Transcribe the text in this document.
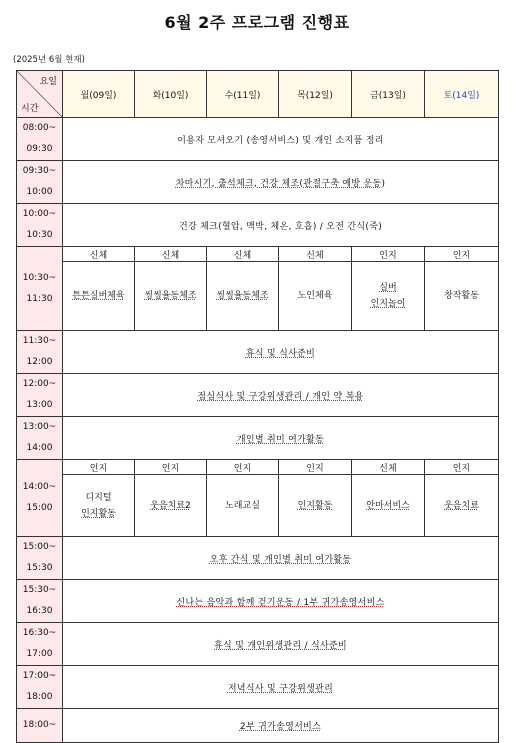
6월 2주 프로그램 진행표
(2025년 6월 현재)
요일
시간	월(09일)	화(10일)	수(11일)	목(12일)	금(13일)	토(14일)
08:00~
09:30	이용자 모셔오기 (송영서비스) 및 개인 소지품 정리					
09:30~
10:00	차마시기, 출석체크, 건강 체조(관절구축 예방 운동)					
10:00~
10:30	건강 체크(혈압, 맥박, 체온, 호흡) / 오전 간식(죽)					
10:30~
11:30	신체	신체	신체	신체	인지	인지
	튼튼실버체육	씽씽율동체조	씽씽율동체조	노인체육	실버
인지놀이	창작활동
11:30~
12:00	휴식 및 식사준비					
12:00~
13:00	점심식사 및 구강위생관리 / 개인 약 복용					
13:00~
14:00	개인별 취미 여가활동					
14:00~
15:00	인지	인지	인지	인지	신체	인지
	디지털
인지활동	웃음치료2	노래교실	인지활동	안마서비스	웃음치료
15:00~
15:30	오후 간식 및 개인별 취미 여가활동					
15:30~
16:30	신나는 음악과 함께 걷기운동 / 1부 귀가송영서비스					
16:30~
17:00	휴식 및 개인위생관리 / 식사준비					
17:00~
18:00	저녁식사 및 구강위생관리					
18:00~	2부 귀가송영서비스					
